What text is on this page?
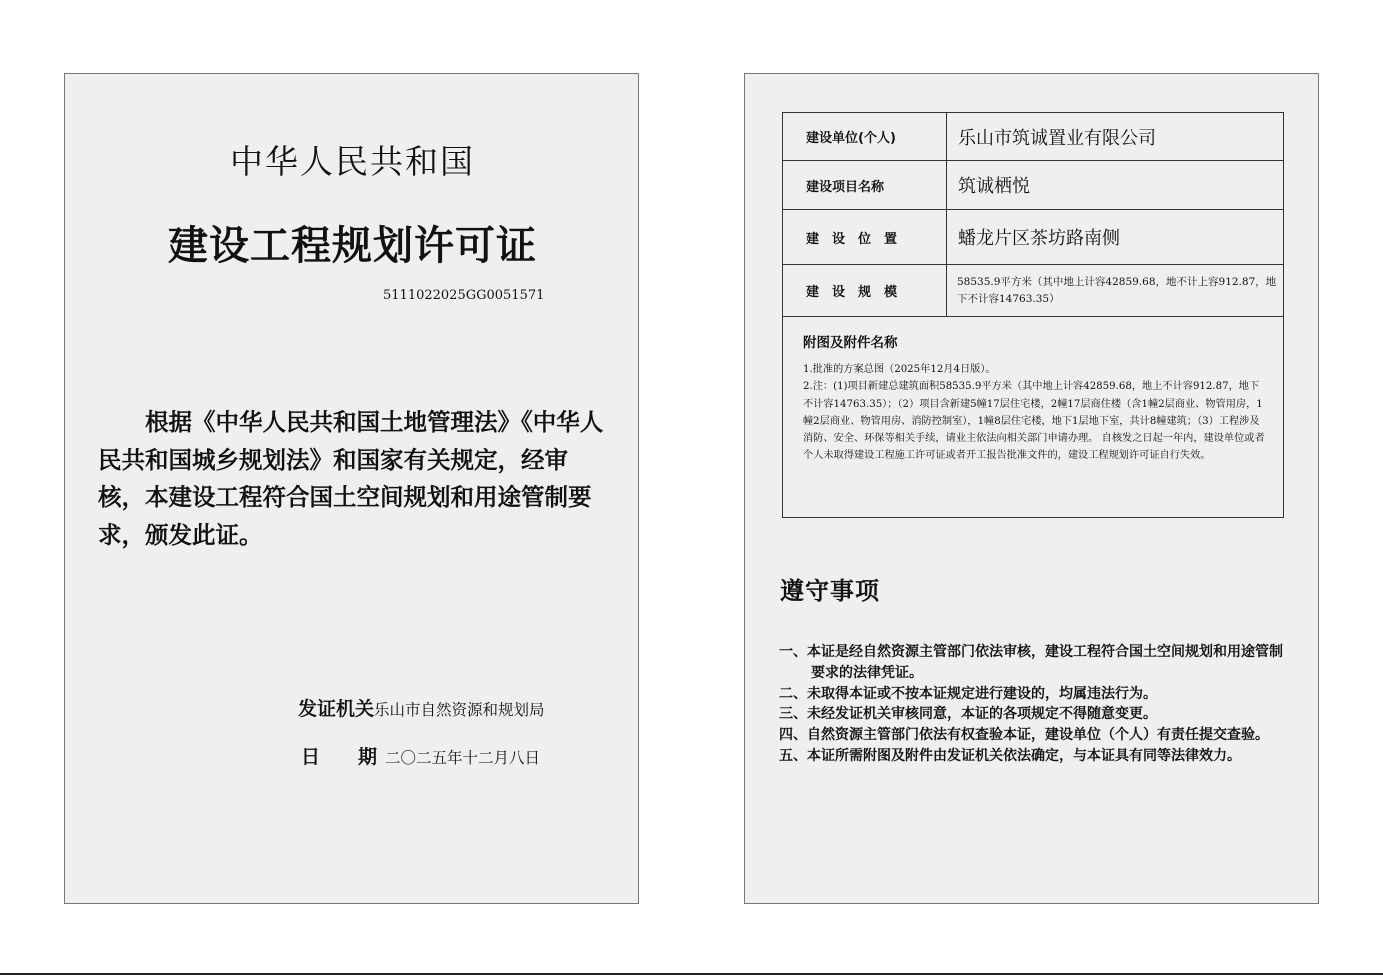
中华人民共和国
建设工程规划许可证
5111022025GG0051571
根据《中华人民共和国土地管理法》《中华人民共和国城乡规划法》和国家有关规定，经审核，本建设工程符合国土空间规划和用途管制要求，颁发此证。
发证机关乐山市自然资源和规划局
日　　期 二〇二五年十二月八日
建设单位(个人)	乐山市筑诚置业有限公司
建设项目名称	筑诚栖悦
建设位置	蟠龙片区茶坊路南侧
建设规模	58535.9平方米（其中地上计容42859.68，地不计上容912.87，地下不计容14763.35）

附图及附件名称

1.批准的方案总图（2025年12月4日版）。

2.注：(1)项目新建总建筑面积58535.9平方米（其中地上计容42859.68，地上不计容912.87，地下不计容14763.35）；（2）项目含新建5幢17层住宅楼，2幢17层商住楼（含1幢2层商业、物管用房，1幢2层商业、物管用房、消防控制室），1幢8层住宅楼，地下1层地下室，共计8幢建筑；（3）工程涉及消防、安全、环保等相关手续，请业主依法向相关部门申请办理。 自核发之日起一年内，建设单位或者个人未取得建设工程施工许可证或者开工报告批准文件的，建设工程规划许可证自行失效。	

遵守事项
一、本证是经自然资源主管部门依法审核，建设工程符合国土空间规划和用途管制要求的法律凭证。
二、未取得本证或不按本证规定进行建设的，均属违法行为。
三、未经发证机关审核同意，本证的各项规定不得随意变更。
四、自然资源主管部门依法有权查验本证，建设单位（个人）有责任提交查验。
五、本证所需附图及附件由发证机关依法确定，与本证具有同等法律效力。
